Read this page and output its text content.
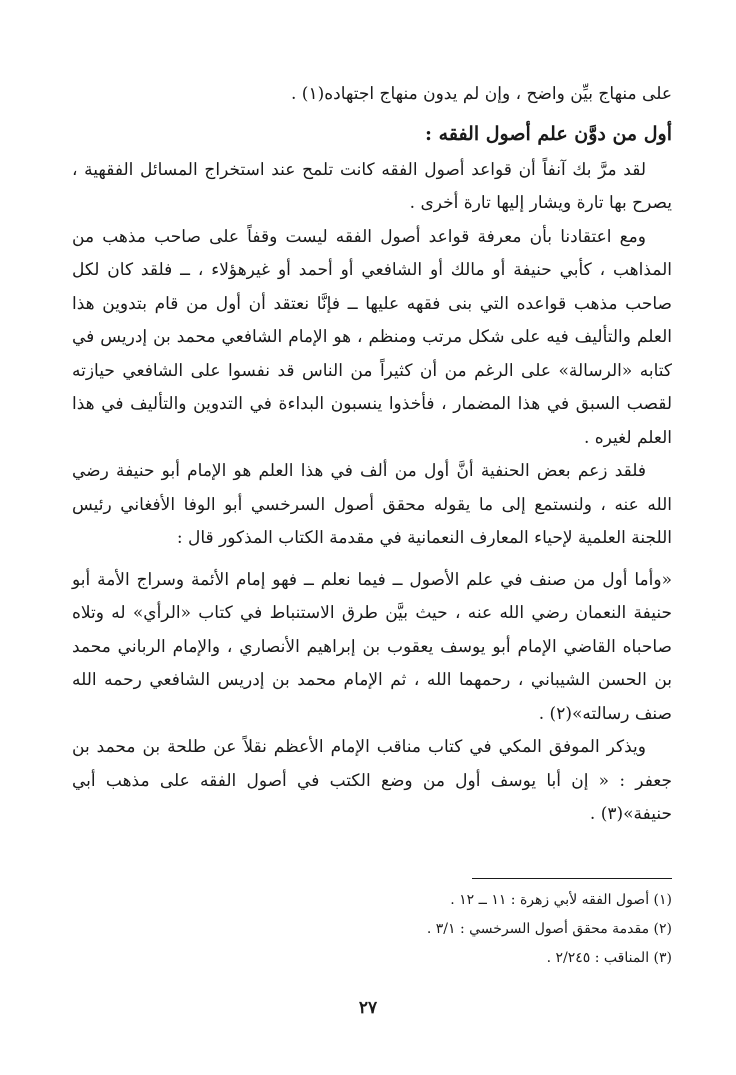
على منهاج بيِّن واضح ، وإن لم يدون منهاج اجتهاده(١) .

أول من دوَّن علم أصول الفقه :

لقد مرَّ بك آنفاً أن قواعد أصول الفقه كانت تلمح عند استخراج المسائل الفقهية ، يصرح بها تارة ويشار إليها تارة أخرى .

ومع اعتقادنا بأن معرفة قواعد أصول الفقه ليست وقفاً على صاحب مذهب من المذاهب ، كأبي حنيفة أو مالك أو الشافعي أو أحمد أو غيرهؤلاء ، ــ فلقد كان لكل صاحب مذهب قواعده التي بنى فقهه عليها ــ فإنَّا نعتقد أن أول من قام بتدوين هذا العلم والتأليف فيه على شكل مرتب ومنظم ، هو الإمام الشافعي محمد بن إدريس في كتابه «الرسالة» على الرغم من أن كثيراً من الناس قد نفسوا على الشافعي حيازته لقصب السبق في هذا المضمار ، فأخذوا ينسبون البداءة في التدوين والتأليف في هذا العلم لغيره .

فلقد زعم بعض الحنفية أنَّ أول من ألف في هذا العلم هو الإمام أبو حنيفة رضي الله عنه ، ولنستمع إلى ما يقوله محقق أصول السرخسي أبو الوفا الأفغاني رئيس اللجنة العلمية لإحياء المعارف النعمانية في مقدمة الكتاب المذكور قال :

«وأما أول من صنف في علم الأصول ــ فيما نعلم ــ فهو إمام الأئمة وسراج الأمة أبو حنيفة النعمان رضي الله عنه ، حيث بيَّن طرق الاستنباط في كتاب «الرأي» له وتلاه صاحباه القاضي الإمام أبو يوسف يعقوب بن إبراهيم الأنصاري ، والإمام الرباني محمد بن الحسن الشيباني ، رحمهما الله ، ثم الإمام محمد بن إدريس الشافعي رحمه الله صنف رسالته»(٢) .

ويذكر الموفق المكي في كتاب مناقب الإمام الأعظم نقلاً عن طلحة بن محمد بن جعفر : « إن أبا يوسف أول من وضع الكتب في أصول الفقه على مذهب أبي حنيفة»(٣) .

(١) أصول الفقه لأبي زهرة : ١١ ــ ١٢ .

(٢) مقدمة محقق أصول السرخسي : ٣/١ .

(٣) المناقب : ٢/٢٤٥ .

٢٧
